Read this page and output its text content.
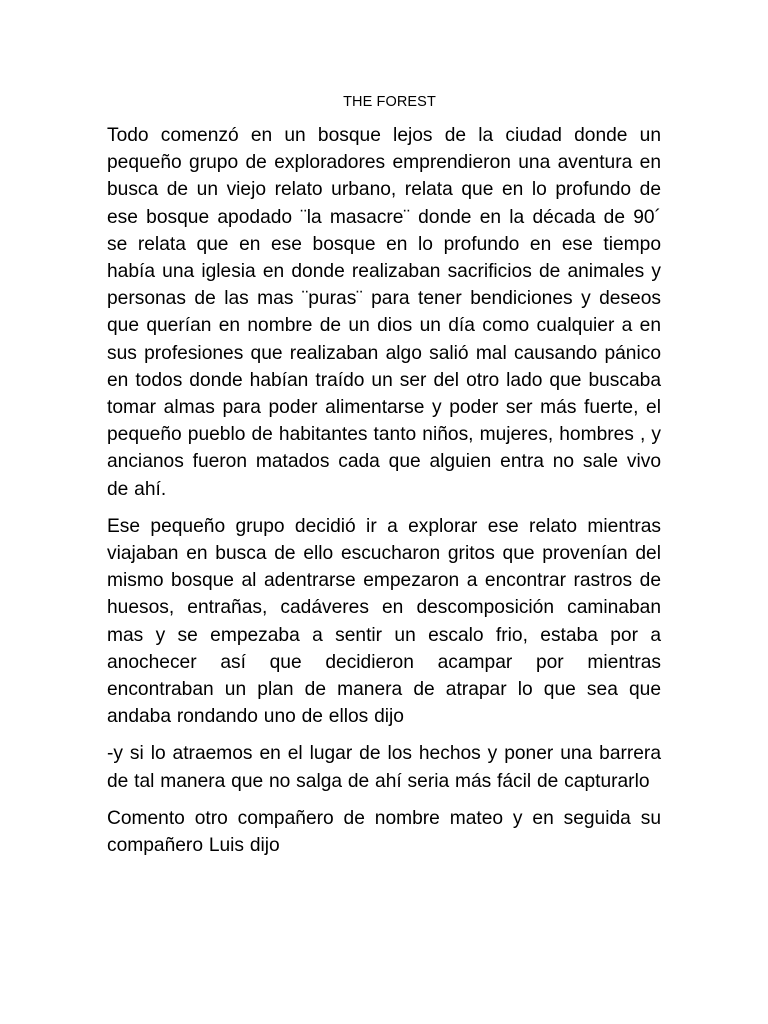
THE FOREST

Todo comenzó en un bosque lejos de la ciudad donde un pequeño grupo de exploradores emprendieron una aventura en busca de un viejo relato urbano, relata que en lo profundo de ese bosque apodado ¨la masacre¨ donde en la década de 90´ se relata que en ese bosque en lo profundo en ese tiempo había una iglesia en donde realizaban sacrificios de animales y personas de las mas ¨puras¨ para tener bendiciones y deseos que querían en nombre de un dios un día como cualquier a en sus profesiones que realizaban algo salió mal causando pánico en todos donde habían traído un ser del otro lado que buscaba tomar almas para poder alimentarse y poder ser más fuerte, el pequeño pueblo de habitantes tanto niños, mujeres, hombres , y ancianos fueron matados cada que alguien entra no sale vivo de ahí.

Ese pequeño grupo decidió ir a explorar ese relato mientras viajaban en busca de ello escucharon gritos que provenían del mismo bosque al adentrarse empezaron a encontrar rastros de huesos, entrañas, cadáveres en descomposición caminaban mas y se empezaba a sentir un escalo frio, estaba por a anochecer así que decidieron acampar por mientras encontraban un plan de manera de atrapar lo que sea que andaba rondando uno de ellos dijo

-y si lo atraemos en el lugar de los hechos y poner una barrera de tal manera que no salga de ahí seria más fácil de capturarlo

Comento otro compañero de nombre mateo y en seguida su compañero Luis dijo
